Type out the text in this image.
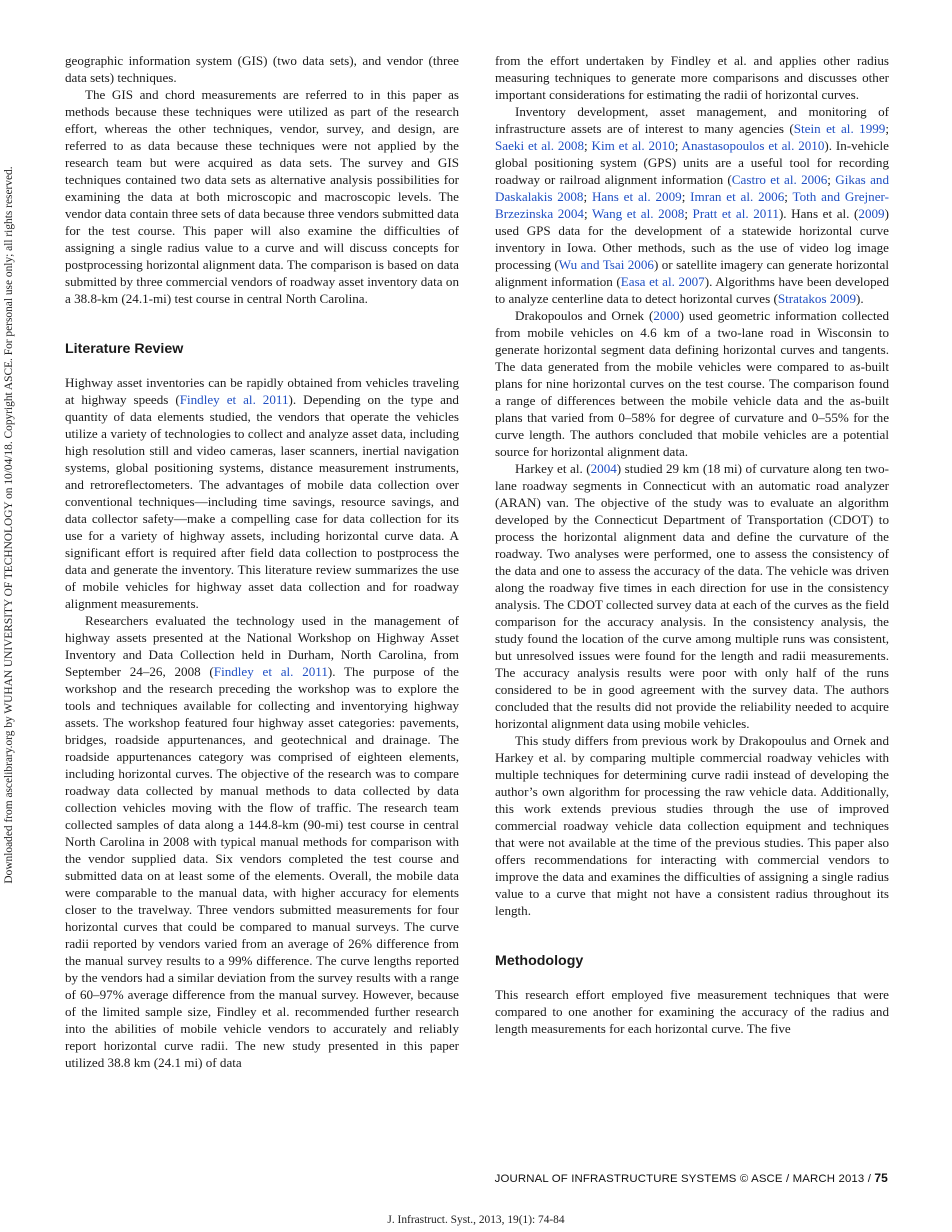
Downloaded from ascelibrary.org by WUHAN UNIVERSITY OF TECHNOLOGY on 10/04/18. Copyright ASCE. For personal use only; all rights reserved.

geographic information system (GIS) (two data sets), and vendor (three data sets) techniques.

The GIS and chord measurements are referred to in this paper as methods because these techniques were utilized as part of the research effort, whereas the other techniques, vendor, survey, and design, are referred to as data because these techniques were not applied by the research team but were acquired as data sets. The survey and GIS techniques contained two data sets as alternative analysis possibilities for examining the data at both microscopic and macroscopic levels. The vendor data contain three sets of data because three vendors submitted data for the test course. This paper will also examine the difficulties of assigning a single radius value to a curve and will discuss concepts for postprocessing horizontal alignment data. The comparison is based on data submitted by three commercial vendors of roadway asset inventory data on a 38.8-km (24.1-mi) test course in central North Carolina.

Literature Review

Highway asset inventories can be rapidly obtained from vehicles traveling at highway speeds (Findley et al. 2011). Depending on the type and quantity of data elements studied, the vendors that operate the vehicles utilize a variety of technologies to collect and analyze asset data, including high resolution still and video cameras, laser scanners, inertial navigation systems, global positioning systems, distance measurement instruments, and retroreflectometers. The advantages of mobile data collection over conventional techniques—including time savings, resource savings, and data collector safety—make a compelling case for data collection for its use for a variety of highway assets, including horizontal curve data. A significant effort is required after field data collection to postprocess the data and generate the inventory. This literature review summarizes the use of mobile vehicles for highway asset data collection and for roadway alignment measurements.

Researchers evaluated the technology used in the management of highway assets presented at the National Workshop on Highway Asset Inventory and Data Collection held in Durham, North Carolina, from September 24–26, 2008 (Findley et al. 2011). The purpose of the workshop and the research preceding the workshop was to explore the tools and techniques available for collecting and inventorying highway assets. The workshop featured four highway asset categories: pavements, bridges, roadside appurtenances, and geotechnical and drainage. The roadside appurtenances category was comprised of eighteen elements, including horizontal curves. The objective of the research was to compare roadway data collected by manual methods to data collected by data collection vehicles moving with the flow of traffic. The research team collected samples of data along a 144.8-km (90-mi) test course in central North Carolina in 2008 with typical manual methods for comparison with the vendor supplied data. Six vendors completed the test course and submitted data on at least some of the elements. Overall, the mobile data were comparable to the manual data, with higher accuracy for elements closer to the travelway. Three vendors submitted measurements for four horizontal curves that could be compared to manual surveys. The curve radii reported by vendors varied from an average of 26% difference from the manual survey results to a 99% difference. The curve lengths reported by the vendors had a similar deviation from the survey results with a range of 60–97% average difference from the manual survey. However, because of the limited sample size, Findley et al. recommended further research into the abilities of mobile vehicle vendors to accurately and reliably report horizontal curve radii. The new study presented in this paper utilized 38.8 km (24.1 mi) of data

from the effort undertaken by Findley et al. and applies other radius measuring techniques to generate more comparisons and discusses other important considerations for estimating the radii of horizontal curves.

Inventory development, asset management, and monitoring of infrastructure assets are of interest to many agencies (Stein et al. 1999; Saeki et al. 2008; Kim et al. 2010; Anastasopoulos et al. 2010). In-vehicle global positioning system (GPS) units are a useful tool for recording roadway or railroad alignment information (Castro et al. 2006; Gikas and Daskalakis 2008; Hans et al. 2009; Imran et al. 2006; Toth and Grejner-Brzezinska 2004; Wang et al. 2008; Pratt et al. 2011). Hans et al. (2009) used GPS data for the development of a statewide horizontal curve inventory in Iowa. Other methods, such as the use of video log image processing (Wu and Tsai 2006) or satellite imagery can generate horizontal alignment information (Easa et al. 2007). Algorithms have been developed to analyze centerline data to detect horizontal curves (Stratakos 2009).

Drakopoulos and Ornek (2000) used geometric information collected from mobile vehicles on 4.6 km of a two-lane road in Wisconsin to generate horizontal segment data defining horizontal curves and tangents. The data generated from the mobile vehicles were compared to as-built plans for nine horizontal curves on the test course. The comparison found a range of differences between the mobile vehicle data and the as-built plans that varied from 0–58% for degree of curvature and 0–55% for the curve length. The authors concluded that mobile vehicles are a potential source for horizontal alignment data.

Harkey et al. (2004) studied 29 km (18 mi) of curvature along ten two-lane roadway segments in Connecticut with an automatic road analyzer (ARAN) van. The objective of the study was to evaluate an algorithm developed by the Connecticut Department of Transportation (CDOT) to process the horizontal alignment data and define the curvature of the roadway. Two analyses were performed, one to assess the consistency of the data and one to assess the accuracy of the data. The vehicle was driven along the roadway five times in each direction for use in the consistency analysis. The CDOT collected survey data at each of the curves as the field comparison for the accuracy analysis. In the consistency analysis, the study found the location of the curve among multiple runs was consistent, but unresolved issues were found for the length and radii measurements. The accuracy analysis results were poor with only half of the runs considered to be in good agreement with the survey data. The authors concluded that the results did not provide the reliability needed to acquire horizontal alignment data using mobile vehicles.

This study differs from previous work by Drakopoulus and Ornek and Harkey et al. by comparing multiple commercial roadway vehicles with multiple techniques for determining curve radii instead of developing the author’s own algorithm for processing the raw vehicle data. Additionally, this work extends previous studies through the use of improved commercial roadway vehicle data collection equipment and techniques that were not available at the time of the previous studies. This paper also offers recommendations for interacting with commercial vendors to improve the data and examines the difficulties of assigning a single radius value to a curve that might not have a consistent radius throughout its length.

Methodology

This research effort employed five measurement techniques that were compared to one another for examining the accuracy of the radius and length measurements for each horizontal curve. The five

JOURNAL OF INFRASTRUCTURE SYSTEMS © ASCE / MARCH 2013 / 75
J. Infrastruct. Syst., 2013, 19(1): 74-84
